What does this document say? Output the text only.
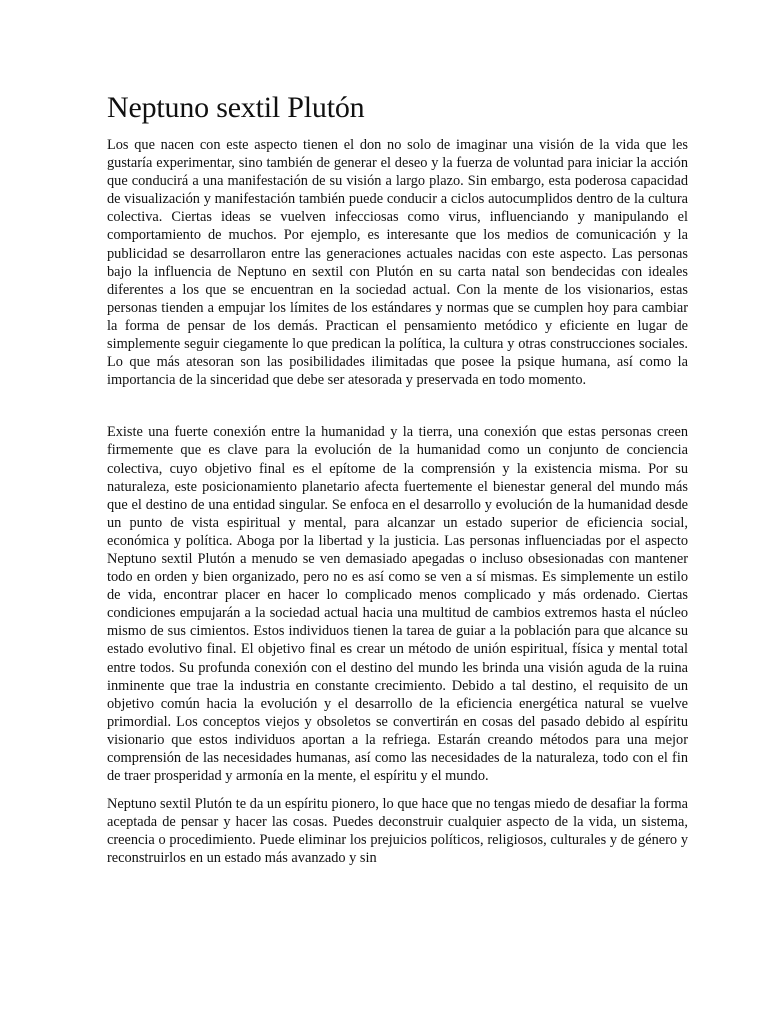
Neptuno sextil Plutón

Los que nacen con este aspecto tienen el don no solo de imaginar una visión de la vida que les gustaría experimentar, sino también de generar el deseo y la fuerza de voluntad para iniciar la acción que conducirá a una manifestación de su visión a largo plazo. Sin embargo, esta poderosa capacidad de visualización y manifestación también puede conducir a ciclos autocumplidos dentro de la cultura colectiva. Ciertas ideas se vuelven infecciosas como virus, influenciando y manipulando el comportamiento de muchos. Por ejemplo, es interesante que los medios de comunicación y la publicidad se desarrollaron entre las generaciones actuales nacidas con este aspecto. Las personas bajo la influencia de Neptuno en sextil con Plutón en su carta natal son bendecidas con ideales diferentes a los que se encuentran en la sociedad actual. Con la mente de los visionarios, estas personas tienden a empujar los límites de los estándares y normas que se cumplen hoy para cambiar la forma de pensar de los demás. Practican el pensamiento metódico y eficiente en lugar de simplemente seguir ciegamente lo que predican la política, la cultura y otras construcciones sociales. Lo que más atesoran son las posibilidades ilimitadas que posee la psique humana, así como la importancia de la sinceridad que debe ser atesorada y preservada en todo momento.

Existe una fuerte conexión entre la humanidad y la tierra, una conexión que estas personas creen firmemente que es clave para la evolución de la humanidad como un conjunto de conciencia colectiva, cuyo objetivo final es el epítome de la comprensión y la existencia misma. Por su naturaleza, este posicionamiento planetario afecta fuertemente el bienestar general del mundo más que el destino de una entidad singular. Se enfoca en el desarrollo y evolución de la humanidad desde un punto de vista espiritual y mental, para alcanzar un estado superior de eficiencia social, económica y política. Aboga por la libertad y la justicia. Las personas influenciadas por el aspecto Neptuno sextil Plutón a menudo se ven demasiado apegadas o incluso obsesionadas con mantener todo en orden y bien organizado, pero no es así como se ven a sí mismas. Es simplemente un estilo de vida, encontrar placer en hacer lo complicado menos complicado y más ordenado. Ciertas condiciones empujarán a la sociedad actual hacia una multitud de cambios extremos hasta el núcleo mismo de sus cimientos. Estos individuos tienen la tarea de guiar a la población para que alcance su estado evolutivo final. El objetivo final es crear un método de unión espiritual, física y mental total entre todos. Su profunda conexión con el destino del mundo les brinda una visión aguda de la ruina inminente que trae la industria en constante crecimiento. Debido a tal destino, el requisito de un objetivo común hacia la evolución y el desarrollo de la eficiencia energética natural se vuelve primordial. Los conceptos viejos y obsoletos se convertirán en cosas del pasado debido al espíritu visionario que estos individuos aportan a la refriega. Estarán creando métodos para una mejor comprensión de las necesidades humanas, así como las necesidades de la naturaleza, todo con el fin de traer prosperidad y armonía en la mente, el espíritu y el mundo.

Neptuno sextil Plutón te da un espíritu pionero, lo que hace que no tengas miedo de desafiar la forma aceptada de pensar y hacer las cosas. Puedes deconstruir cualquier aspecto de la vida, un sistema, creencia o procedimiento. Puede eliminar los prejuicios políticos, religiosos, culturales y de género y reconstruirlos en un estado más avanzado y sin
